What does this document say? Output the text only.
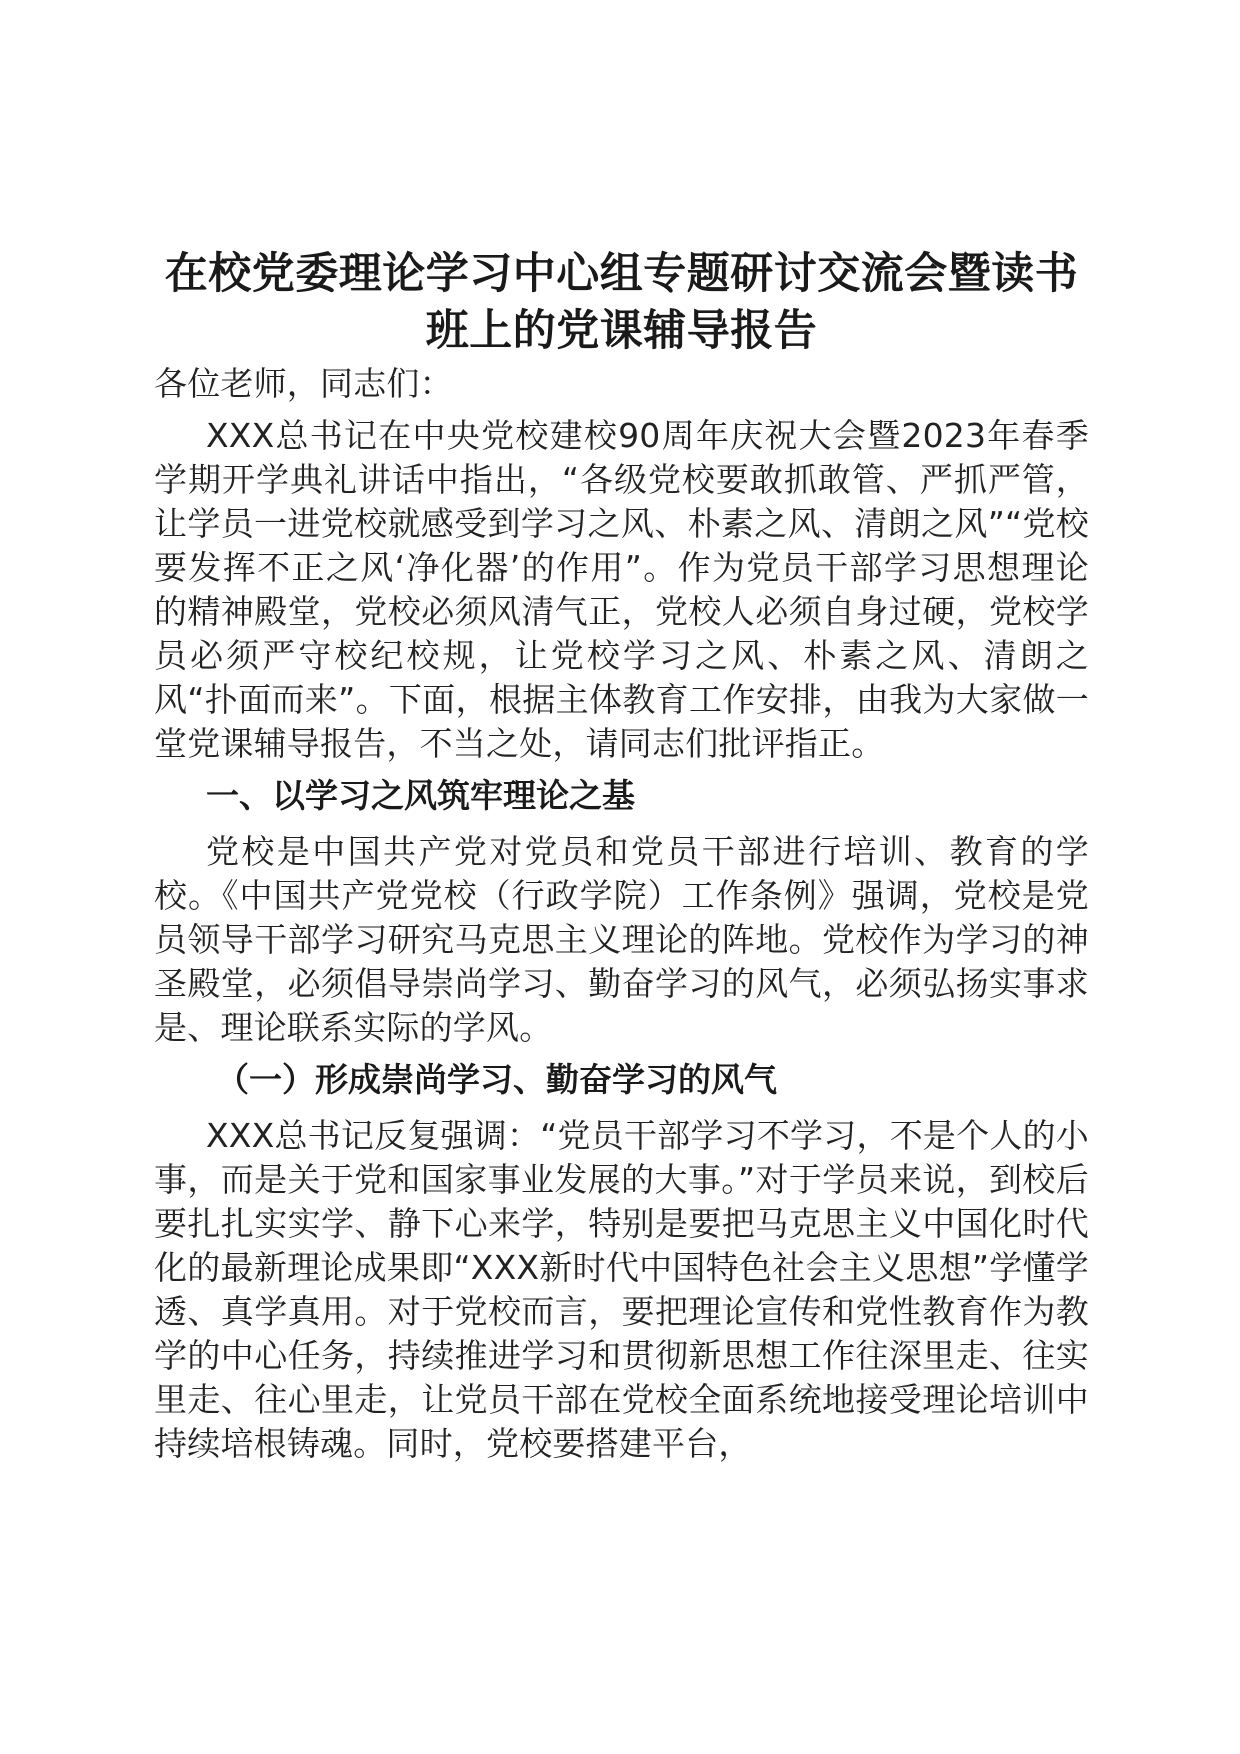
在校党委理论学习中心组专题研讨交流会暨读书班上的党课辅导报告

各位老师，同志们：

XXX总书记在中央党校建校90周年庆祝大会暨2023年春季学期开学典礼讲话中指出，“各级党校要敢抓敢管、严抓严管，让学员一进党校就感受到学习之风、朴素之风、清朗之风”“党校要发挥不正之风‘净化器’的作用”。作为党员干部学习思想理论的精神殿堂，党校必须风清气正，党校人必须自身过硬，党校学员必须严守校纪校规，让党校学习之风、朴素之风、清朗之风“扑面而来”。下面，根据主体教育工作安排，由我为大家做一堂党课辅导报告，不当之处，请同志们批评指正。

一、以学习之风筑牢理论之基

党校是中国共产党对党员和党员干部进行培训、教育的学校。《中国共产党党校（行政学院）工作条例》强调，党校是党员领导干部学习研究马克思主义理论的阵地。党校作为学习的神圣殿堂，必须倡导崇尚学习、勤奋学习的风气，必须弘扬实事求是、理论联系实际的学风。

（一）形成崇尚学习、勤奋学习的风气

XXX总书记反复强调：“党员干部学习不学习，不是个人的小事，而是关于党和国家事业发展的大事。”对于学员来说，到校后要扎扎实实学、静下心来学，特别是要把马克思主义中国化时代化的最新理论成果即“XXX新时代中国特色社会主义思想”学懂学透、真学真用。对于党校而言，要把理论宣传和党性教育作为教学的中心任务，持续推进学习和贯彻新思想工作往深里走、往实里走、往心里走，让党员干部在党校全面系统地接受理论培训中持续培根铸魂。同时，党校要搭建平台，
